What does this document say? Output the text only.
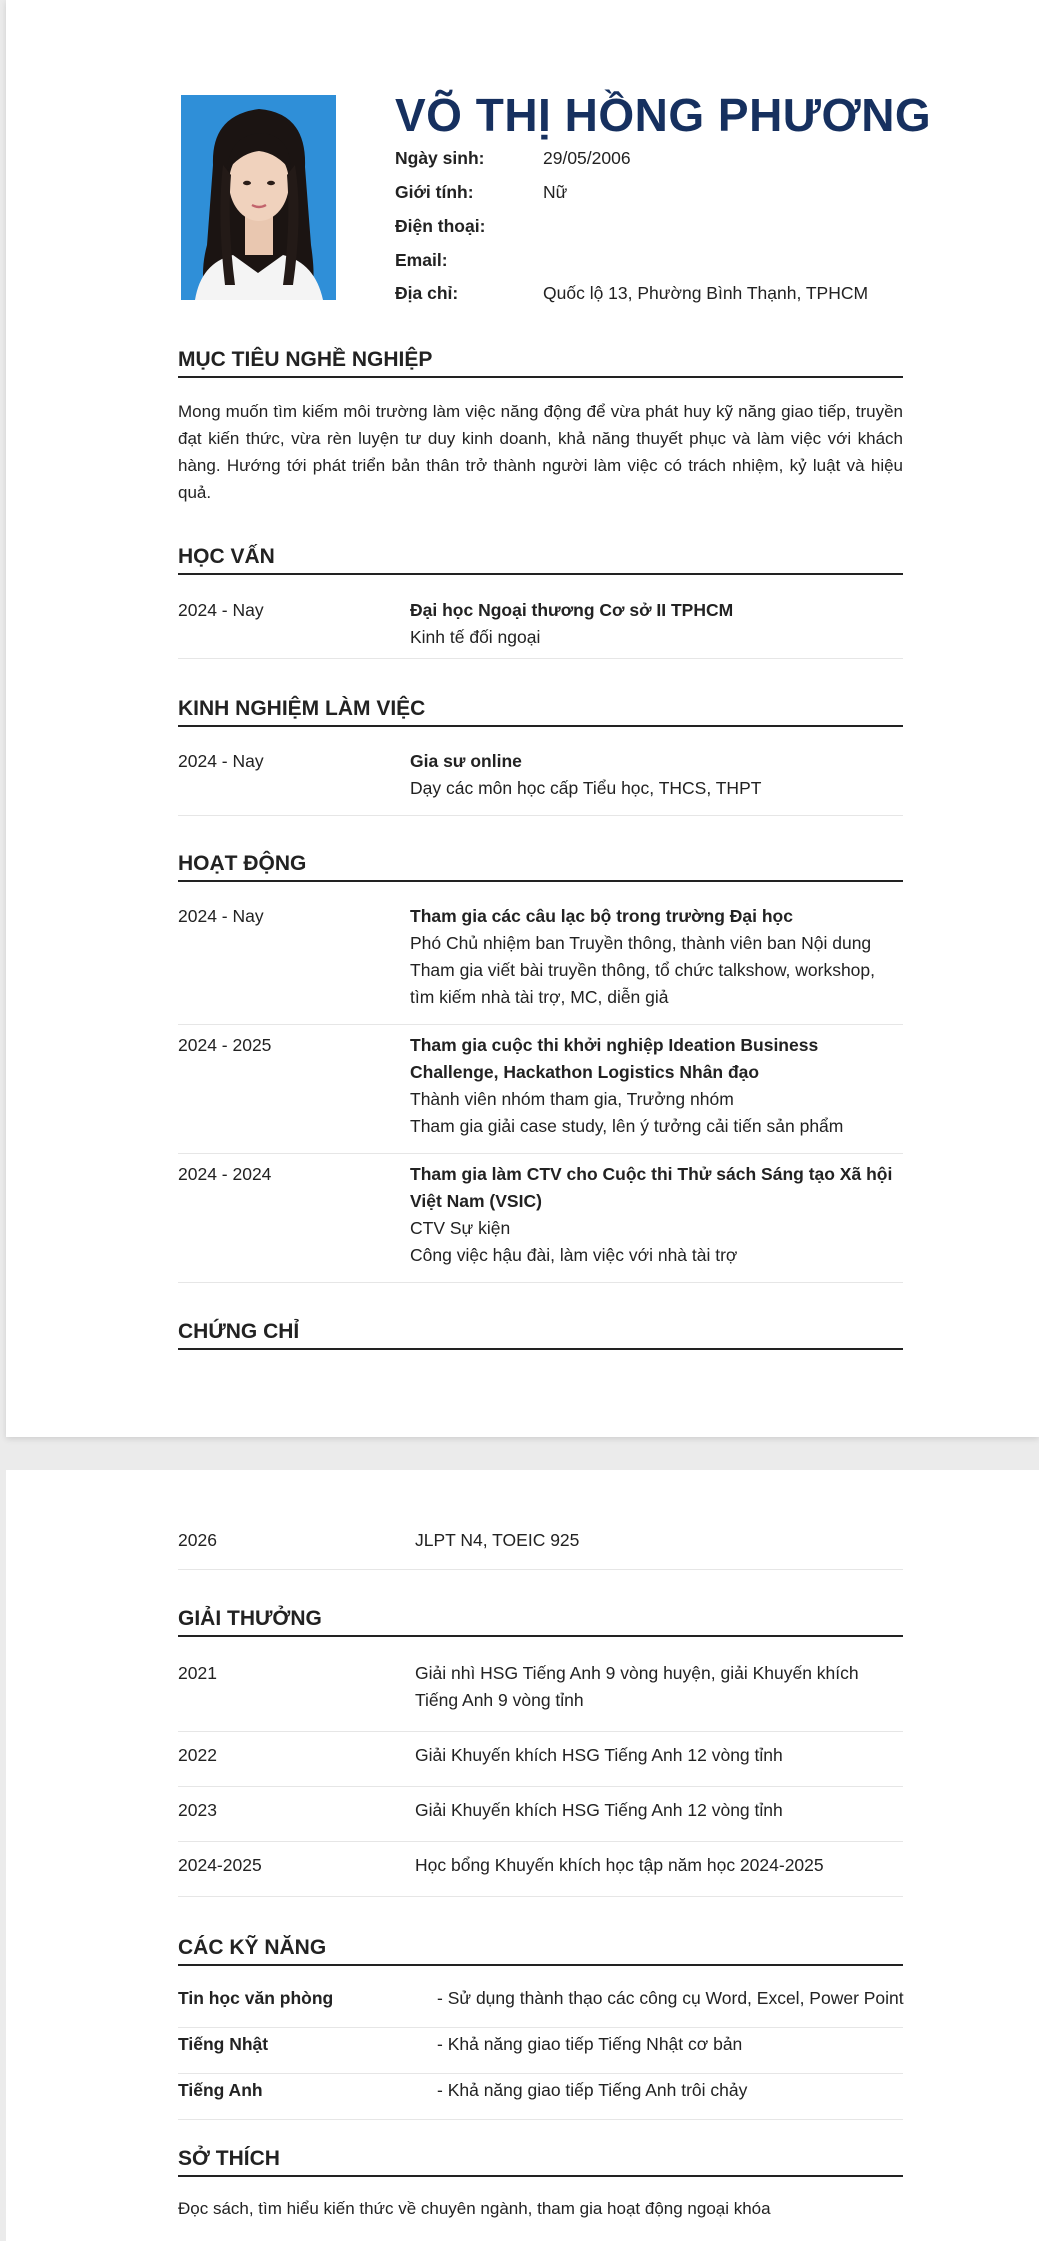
VÕ THỊ HỒNG PHƯƠNG
Ngày sinh:	29/05/2006
Giới tính:	Nữ
Điện thoại:
Email:
Địa chỉ:	Quốc lộ 13, Phường Bình Thạnh, TPHCM
MỤC TIÊU NGHỀ NGHIỆP
Mong muốn tìm kiếm môi trường làm việc năng động để vừa phát huy kỹ năng giao tiếp, truyền đạt kiến thức, vừa rèn luyện tư duy kinh doanh, khả năng thuyết phục và làm việc với khách hàng. Hướng tới phát triển bản thân trở thành người làm việc có trách nhiệm, kỷ luật và hiệu quả.
HỌC VẤN
2024 - Nay	Đại học Ngoại thương Cơ sở II TPHCM
Kinh tế đối ngoại
KINH NGHIỆM LÀM VIỆC
2024 - Nay	Gia sư online
Dạy các môn học cấp Tiểu học, THCS, THPT
HOẠT ĐỘNG
2024 - Nay	Tham gia các câu lạc bộ trong trường Đại học
Phó Chủ nhiệm ban Truyền thông, thành viên ban Nội dung
Tham gia viết bài truyền thông, tổ chức talkshow, workshop, tìm kiếm nhà tài trợ, MC, diễn giả
2024 - 2025	Tham gia cuộc thi khởi nghiệp Ideation Business Challenge, Hackathon Logistics Nhân đạo
Thành viên nhóm tham gia, Trưởng nhóm
Tham gia giải case study, lên ý tưởng cải tiến sản phẩm
2024 - 2024	Tham gia làm CTV cho Cuộc thi Thử sách Sáng tạo Xã hội Việt Nam (VSIC)
CTV Sự kiện
Công việc hậu đài, làm việc với nhà tài trợ
CHỨNG CHỈ
2026	JLPT N4, TOEIC 925
GIẢI THƯỞNG
2021	Giải nhì HSG Tiếng Anh 9 vòng huyện, giải Khuyến khích Tiếng Anh 9 vòng tỉnh
2022	Giải Khuyến khích HSG Tiếng Anh 12 vòng tỉnh
2023	Giải Khuyến khích HSG Tiếng Anh 12 vòng tỉnh
2024-2025	Học bổng Khuyến khích học tập năm học 2024-2025
CÁC KỸ NĂNG
Tin học văn phòng	- Sử dụng thành thạo các công cụ Word, Excel, Power Point
Tiếng Nhật	- Khả năng giao tiếp Tiếng Nhật cơ bản
Tiếng Anh	- Khả năng giao tiếp Tiếng Anh trôi chảy
SỞ THÍCH
Đọc sách, tìm hiểu kiến thức về chuyên ngành, tham gia hoạt động ngoại khóa
